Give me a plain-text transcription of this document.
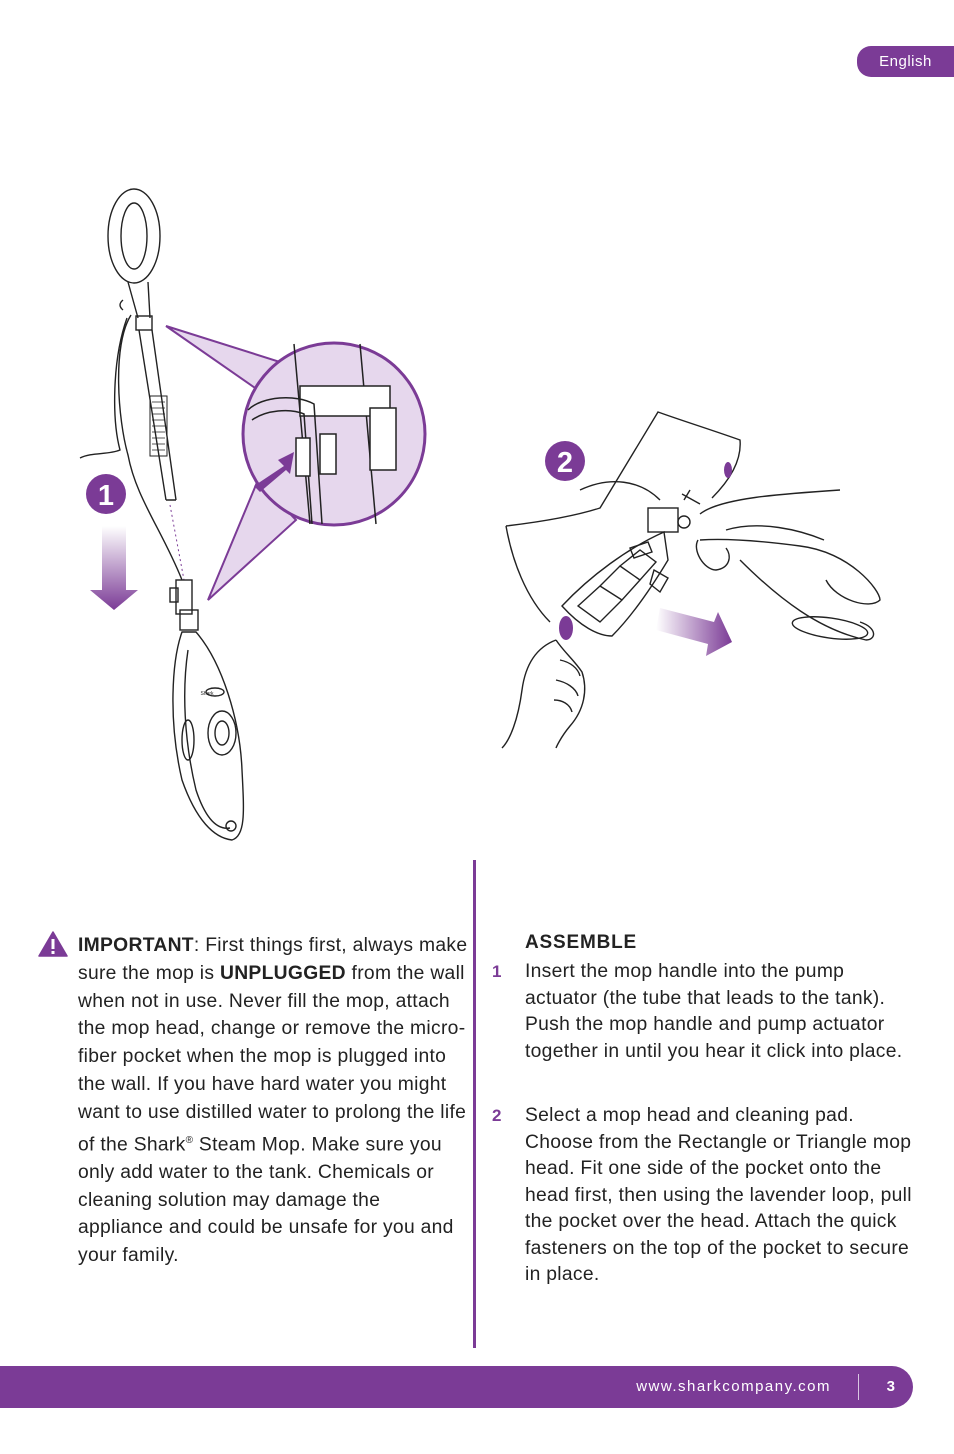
English
Shark
1
2

IMPORTANT: First things first, always make sure the mop is UNPLUGGED from the wall when not in use. Never fill the mop, attach the mop head, change or remove the micro-fiber pocket when the mop is plugged into the wall. If you have hard water you might want to use distilled water to prolong the life of the Shark® Steam Mop. Make sure you only add water to the tank. Chemicals or cleaning solution may damage the appliance and could be unsafe for you and your family.

ASSEMBLE
1 Insert the mop handle into the pump actuator (the tube that leads to the tank). Push the mop handle and pump actuator together in until you hear it click into place.

2 Select a mop head and cleaning pad. Choose from the Rectangle or Triangle mop head. Fit one side of the pocket onto the head first, then using the lavender loop, pull the pocket over the head. Attach the quick fasteners on the top of the pocket to secure in place.

www.sharkcompany.com	3
